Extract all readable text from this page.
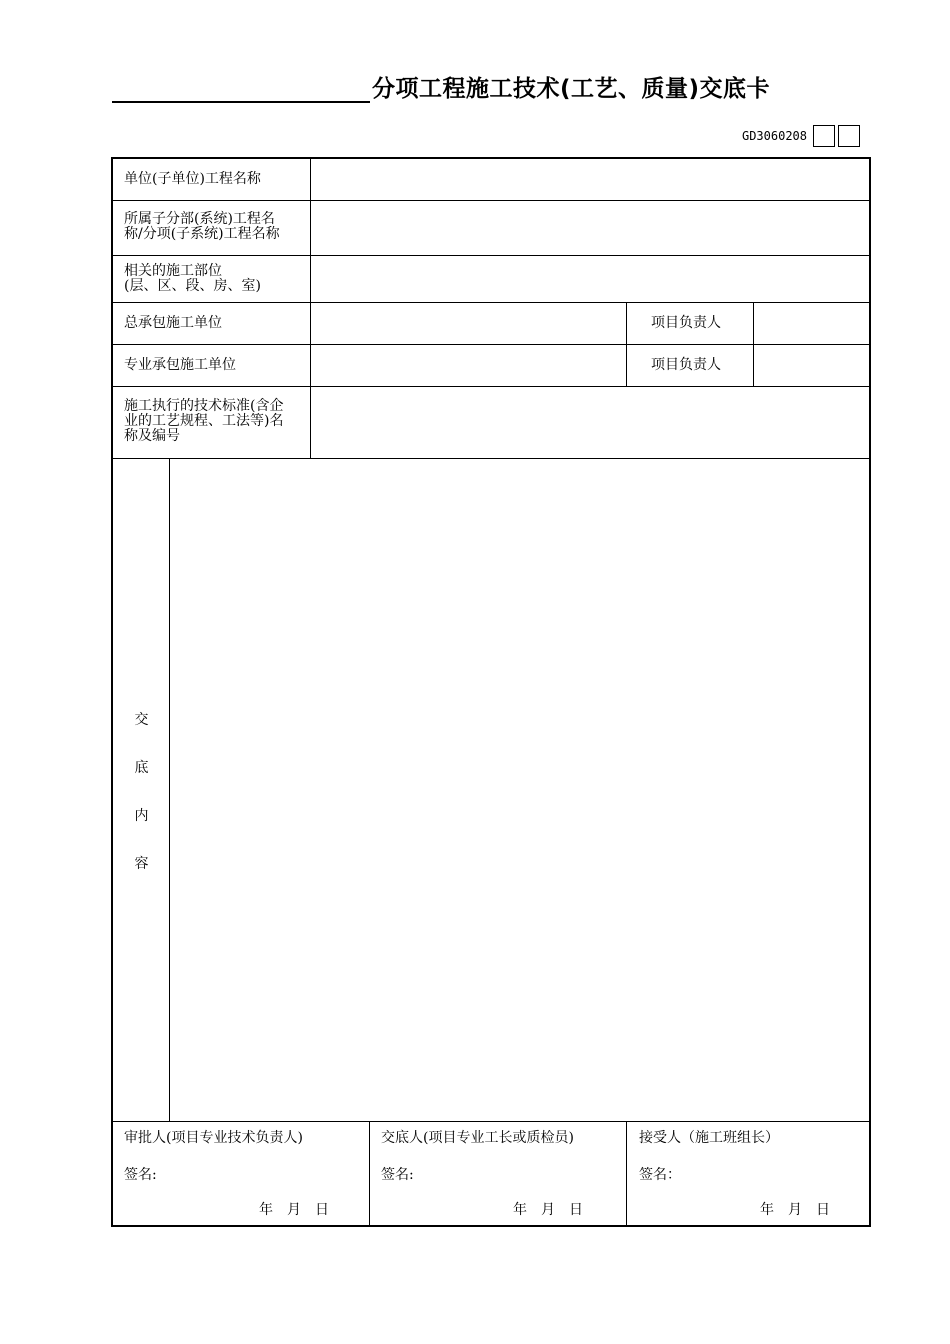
分项工程施工技术(工艺、质量)交底卡
GD3060208
单位(子单位)工程名称
所属子分部(系统)工程名
称/分项(子系统)工程名称
相关的施工部位
(层、区、段、房、室)
总承包施工单位	项目负责人
专业承包施工单位	项目负责人
施工执行的技术标准(含企
业的工艺规程、工法等)名
称及编号
交
底
内
容
审批人(项目专业技术负责人)
签名:
年　月　日
交底人(项目专业工长或质检员)
签名:
年　月　日
接受人（施工班组长）
签名：
年　月　日
